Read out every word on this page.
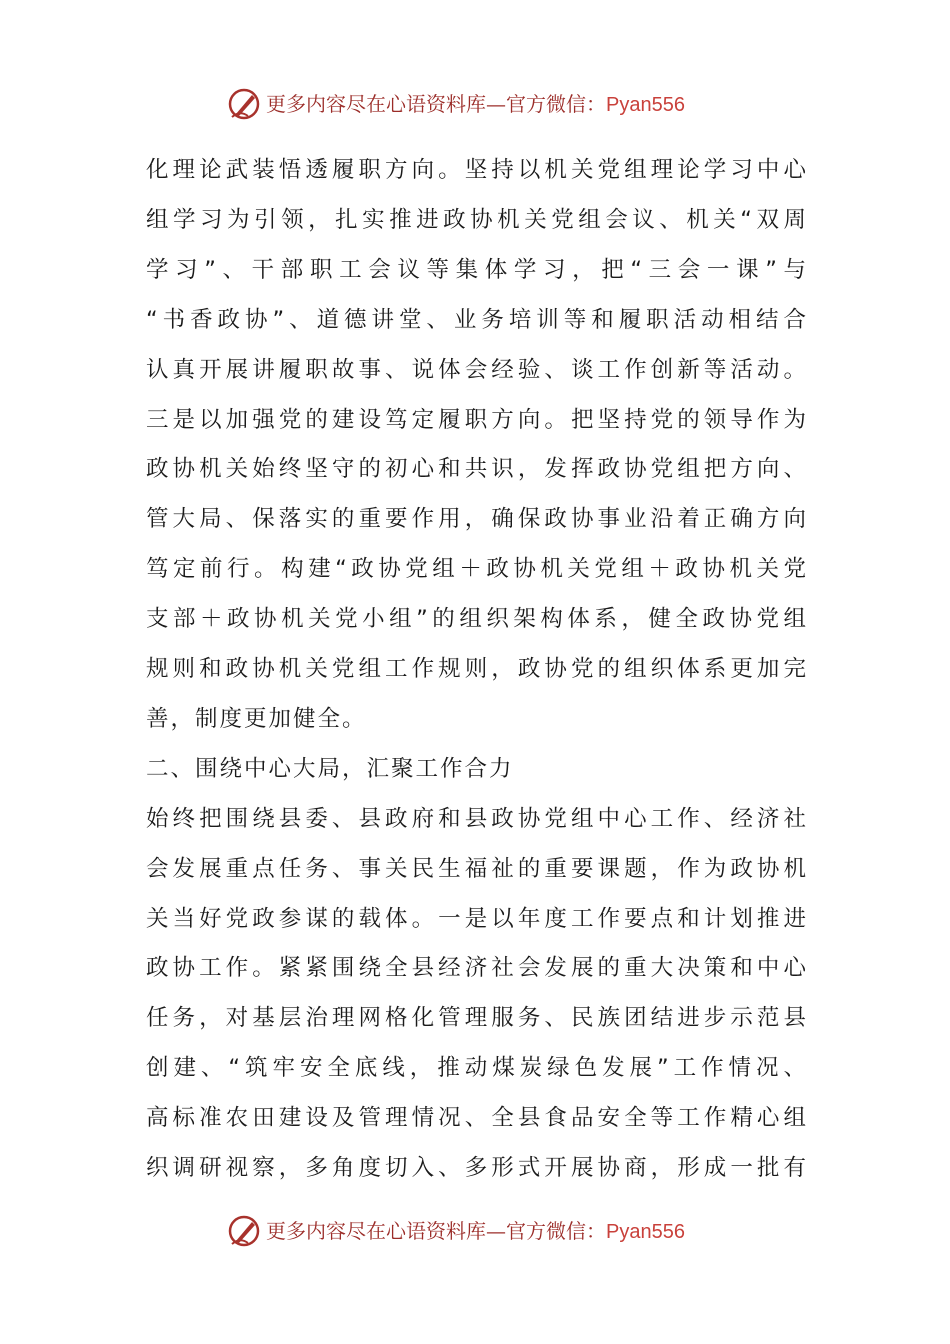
更多内容尽在心语资料库—官方微信：Pyan556
化理论武装悟透履职方向。坚持以机关党组理论学习中心
组学习为引领，扎实推进政协机关党组会议、机关“双周
学习”、干部职工会议等集体学习，把“三会一课”与
“书香政协”、道德讲堂、业务培训等和履职活动相结合
认真开展讲履职故事、说体会经验、谈工作创新等活动。
三是以加强党的建设笃定履职方向。把坚持党的领导作为
政协机关始终坚守的初心和共识，发挥政协党组把方向、
管大局、保落实的重要作用，确保政协事业沿着正确方向
笃定前行。构建“政协党组＋政协机关党组＋政协机关党
支部＋政协机关党小组”的组织架构体系，健全政协党组
规则和政协机关党组工作规则，政协党的组织体系更加完
善，制度更加健全。
二、围绕中心大局，汇聚工作合力
始终把围绕县委、县政府和县政协党组中心工作、经济社
会发展重点任务、事关民生福祉的重要课题，作为政协机
关当好党政参谋的载体。一是以年度工作要点和计划推进
政协工作。紧紧围绕全县经济社会发展的重大决策和中心
任务，对基层治理网格化管理服务、民族团结进步示范县
创建、“筑牢安全底线，推动煤炭绿色发展”工作情况、
高标准农田建设及管理情况、全县食品安全等工作精心组
织调研视察，多角度切入、多形式开展协商，形成一批有
更多内容尽在心语资料库—官方微信：Pyan556
